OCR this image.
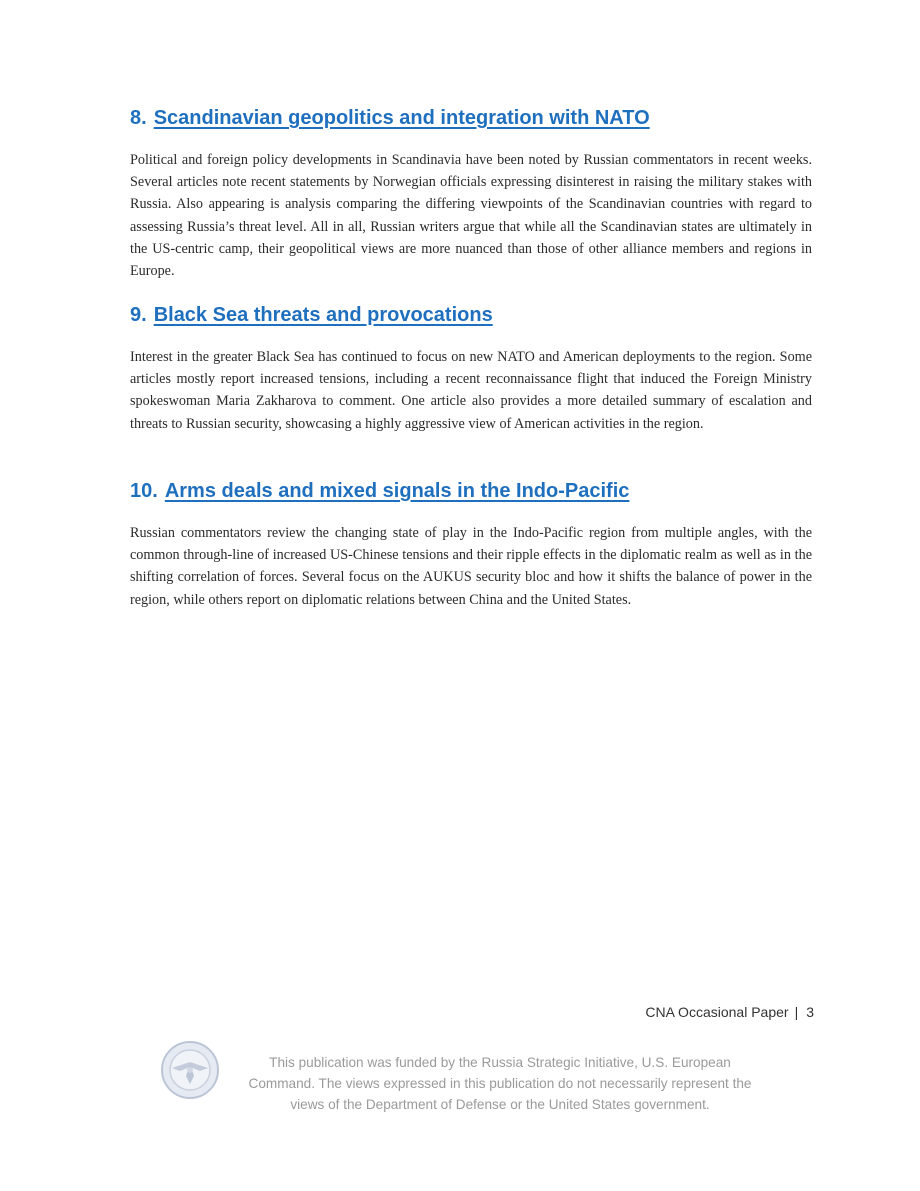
8. Scandinavian geopolitics and integration with NATO

Political and foreign policy developments in Scandinavia have been noted by Russian commentators in recent weeks. Several articles note recent statements by Norwegian officials expressing disinterest in raising the military stakes with Russia. Also appearing is analysis comparing the differing viewpoints of the Scandinavian countries with regard to assessing Russia’s threat level. All in all, Russian writers argue that while all the Scandinavian states are ultimately in the US-centric camp, their geopolitical views are more nuanced than those of other alliance members and regions in Europe.

9. Black Sea threats and provocations

Interest in the greater Black Sea has continued to focus on new NATO and American deployments to the region. Some articles mostly report increased tensions, including a recent reconnaissance flight that induced the Foreign Ministry spokeswoman Maria Zakharova to comment. One article also provides a more detailed summary of escalation and threats to Russian security, showcasing a highly aggressive view of American activities in the region.

10. Arms deals and mixed signals in the Indo-Pacific

Russian commentators review the changing state of play in the Indo-Pacific region from multiple angles, with the common through-line of increased US-Chinese tensions and their ripple effects in the diplomatic realm as well as in the shifting correlation of forces. Several focus on the AUKUS security bloc and how it shifts the balance of power in the region, while others report on diplomatic relations between China and the United States.

CNA Occasional Paper | 3
This publication was funded by the Russia Strategic Initiative, U.S. European
Command. The views expressed in this publication do not necessarily represent the
views of the Department of Defense or the United States government.
